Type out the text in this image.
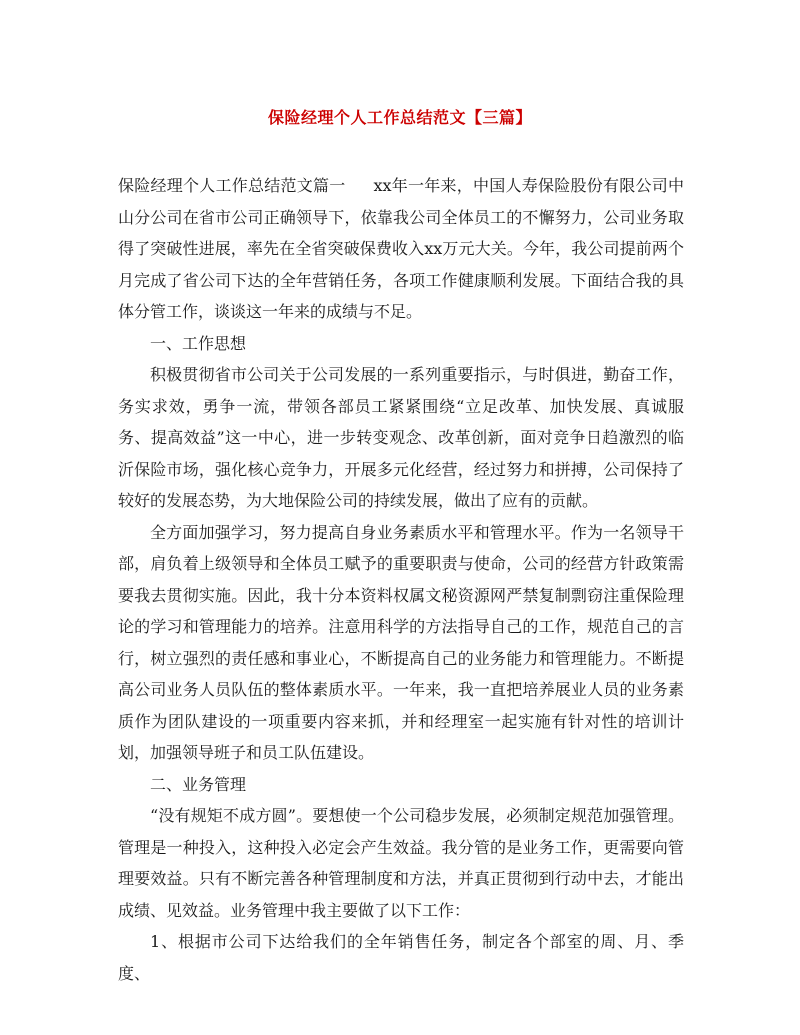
保险经理个人工作总结范文【三篇】

保险经理个人工作总结范文篇一 xx年一年来，中国人寿保险股份有限公司中山分公司在省市公司正确领导下，依靠我公司全体员工的不懈努力，公司业务取得了突破性进展，率先在全省突破保费收入xx万元大关。今年，我公司提前两个月完成了省公司下达的全年营销任务，各项工作健康顺利发展。下面结合我的具体分管工作，谈谈这一年来的成绩与不足。

一、工作思想

积极贯彻省市公司关于公司发展的一系列重要指示，与时俱进，勤奋工作，务实求效，勇争一流，带领各部员工紧紧围绕“立足改革、加快发展、真诚服务、提高效益”这一中心，进一步转变观念、改革创新，面对竞争日趋激烈的临沂保险市场，强化核心竞争力，开展多元化经营，经过努力和拼搏，公司保持了较好的发展态势，为大地保险公司的持续发展，做出了应有的贡献。

全方面加强学习，努力提高自身业务素质水平和管理水平。作为一名领导干部，肩负着上级领导和全体员工赋予的重要职责与使命，公司的经营方针政策需要我去贯彻实施。因此，我十分本资料权属文秘资源网严禁复制剽窃注重保险理论的学习和管理能力的培养。注意用科学的方法指导自己的工作，规范自己的言行，树立强烈的责任感和事业心，不断提高自己的业务能力和管理能力。不断提高公司业务人员队伍的整体素质水平。一年来，我一直把培养展业人员的业务素质作为团队建设的一项重要内容来抓，并和经理室一起实施有针对性的培训计划，加强领导班子和员工队伍建设。

二、业务管理

“没有规矩不成方圆”。要想使一个公司稳步发展，必须制定规范加强管理。管理是一种投入，这种投入必定会产生效益。我分管的是业务工作，更需要向管理要效益。只有不断完善各种管理制度和方法，并真正贯彻到行动中去，才能出成绩、见效益。业务管理中我主要做了以下工作：

1、根据市公司下达给我们的全年销售任务，制定各个部室的周、月、季度、
